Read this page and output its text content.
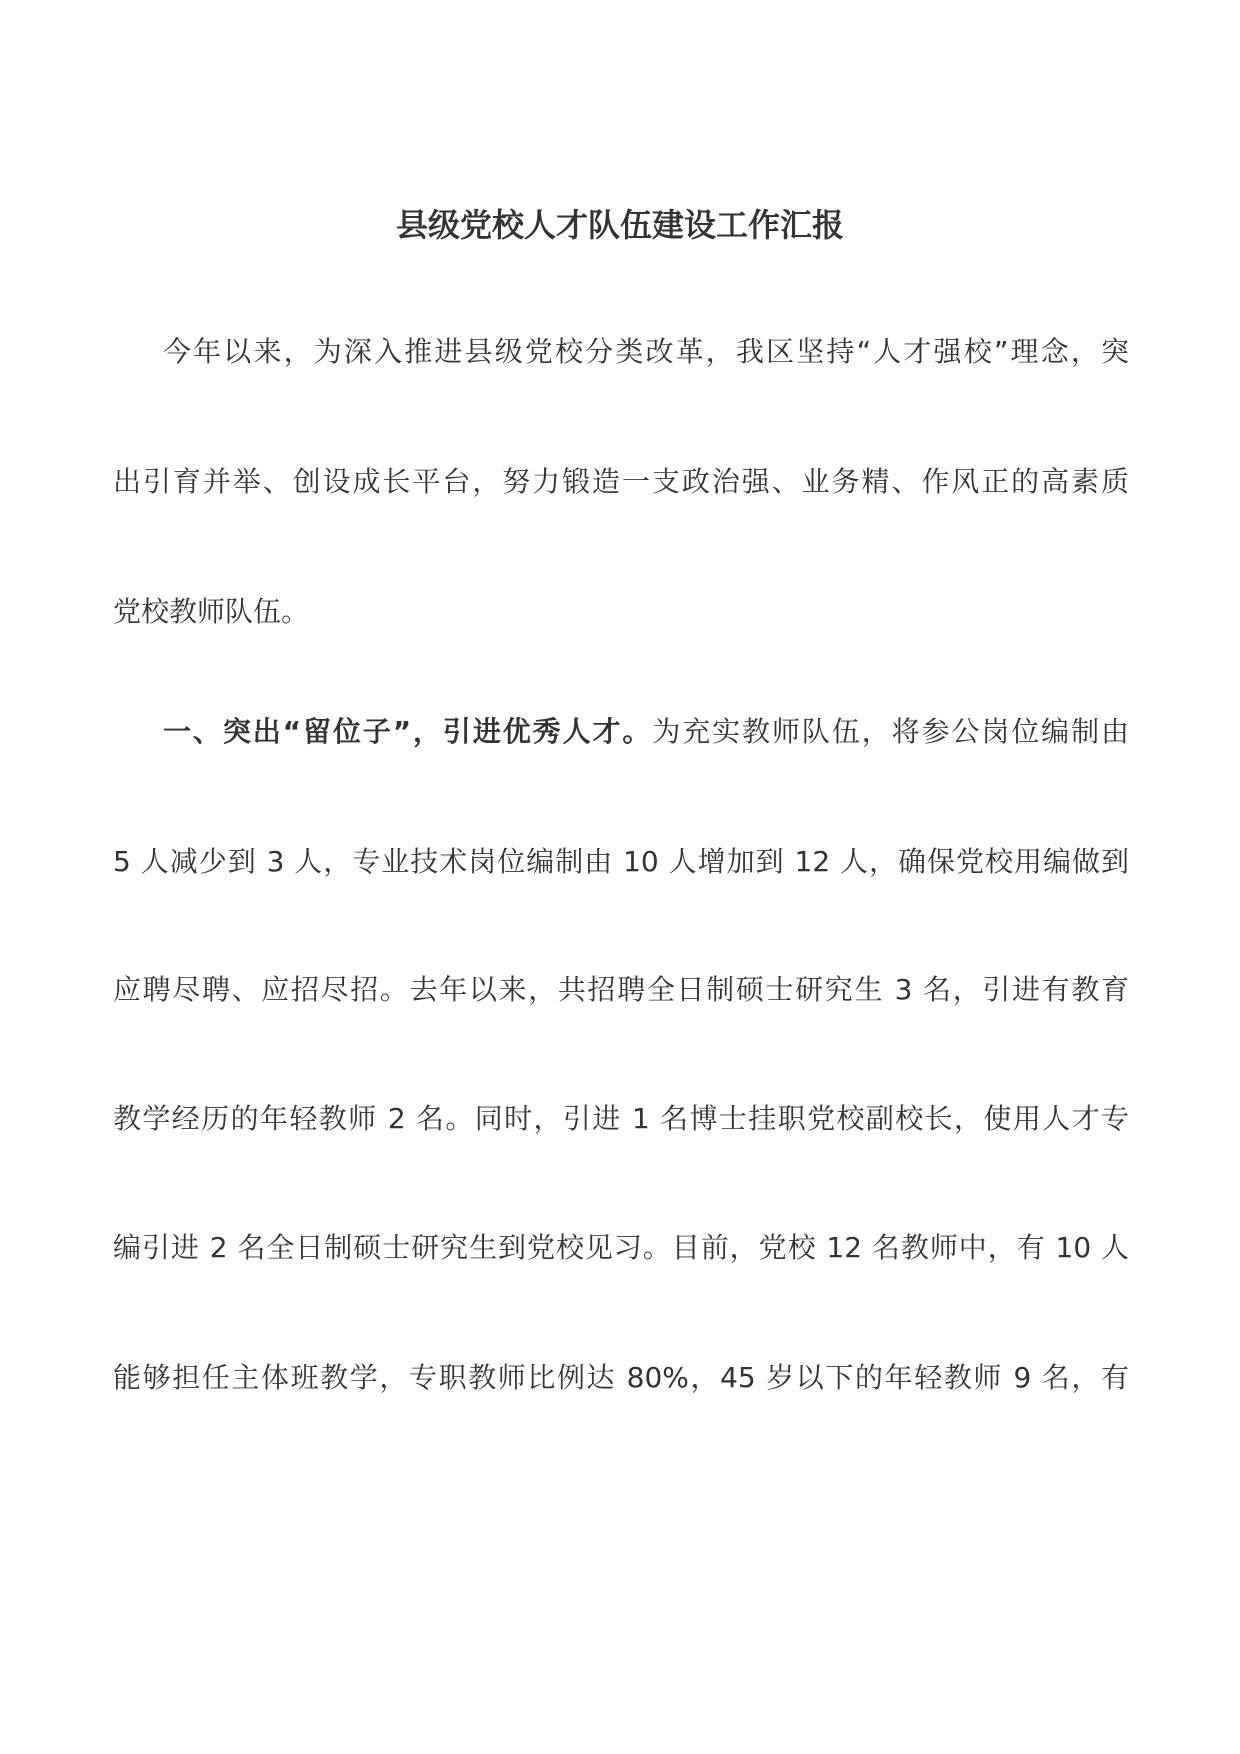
县级党校人才队伍建设工作汇报

今年以来，为深入推进县级党校分类改革，我区坚持“人才强校”理念，突

出引育并举、创设成长平台，努力锻造一支政治强、业务精、作风正的高素质

党校教师队伍。

一、突出“留位子”，引进优秀人才。为充实教师队伍，将参公岗位编制由

5 人减少到 3 人，专业技术岗位编制由 10 人增加到 12 人，确保党校用编做到

应聘尽聘、应招尽招。去年以来，共招聘全日制硕士研究生 3 名，引进有教育

教学经历的年轻教师 2 名。同时，引进 1 名博士挂职党校副校长，使用人才专

编引进 2 名全日制硕士研究生到党校见习。目前，党校 12 名教师中，有 10 人

能够担任主体班教学，专职教师比例达 80%，45 岁以下的年轻教师 9 名，有
